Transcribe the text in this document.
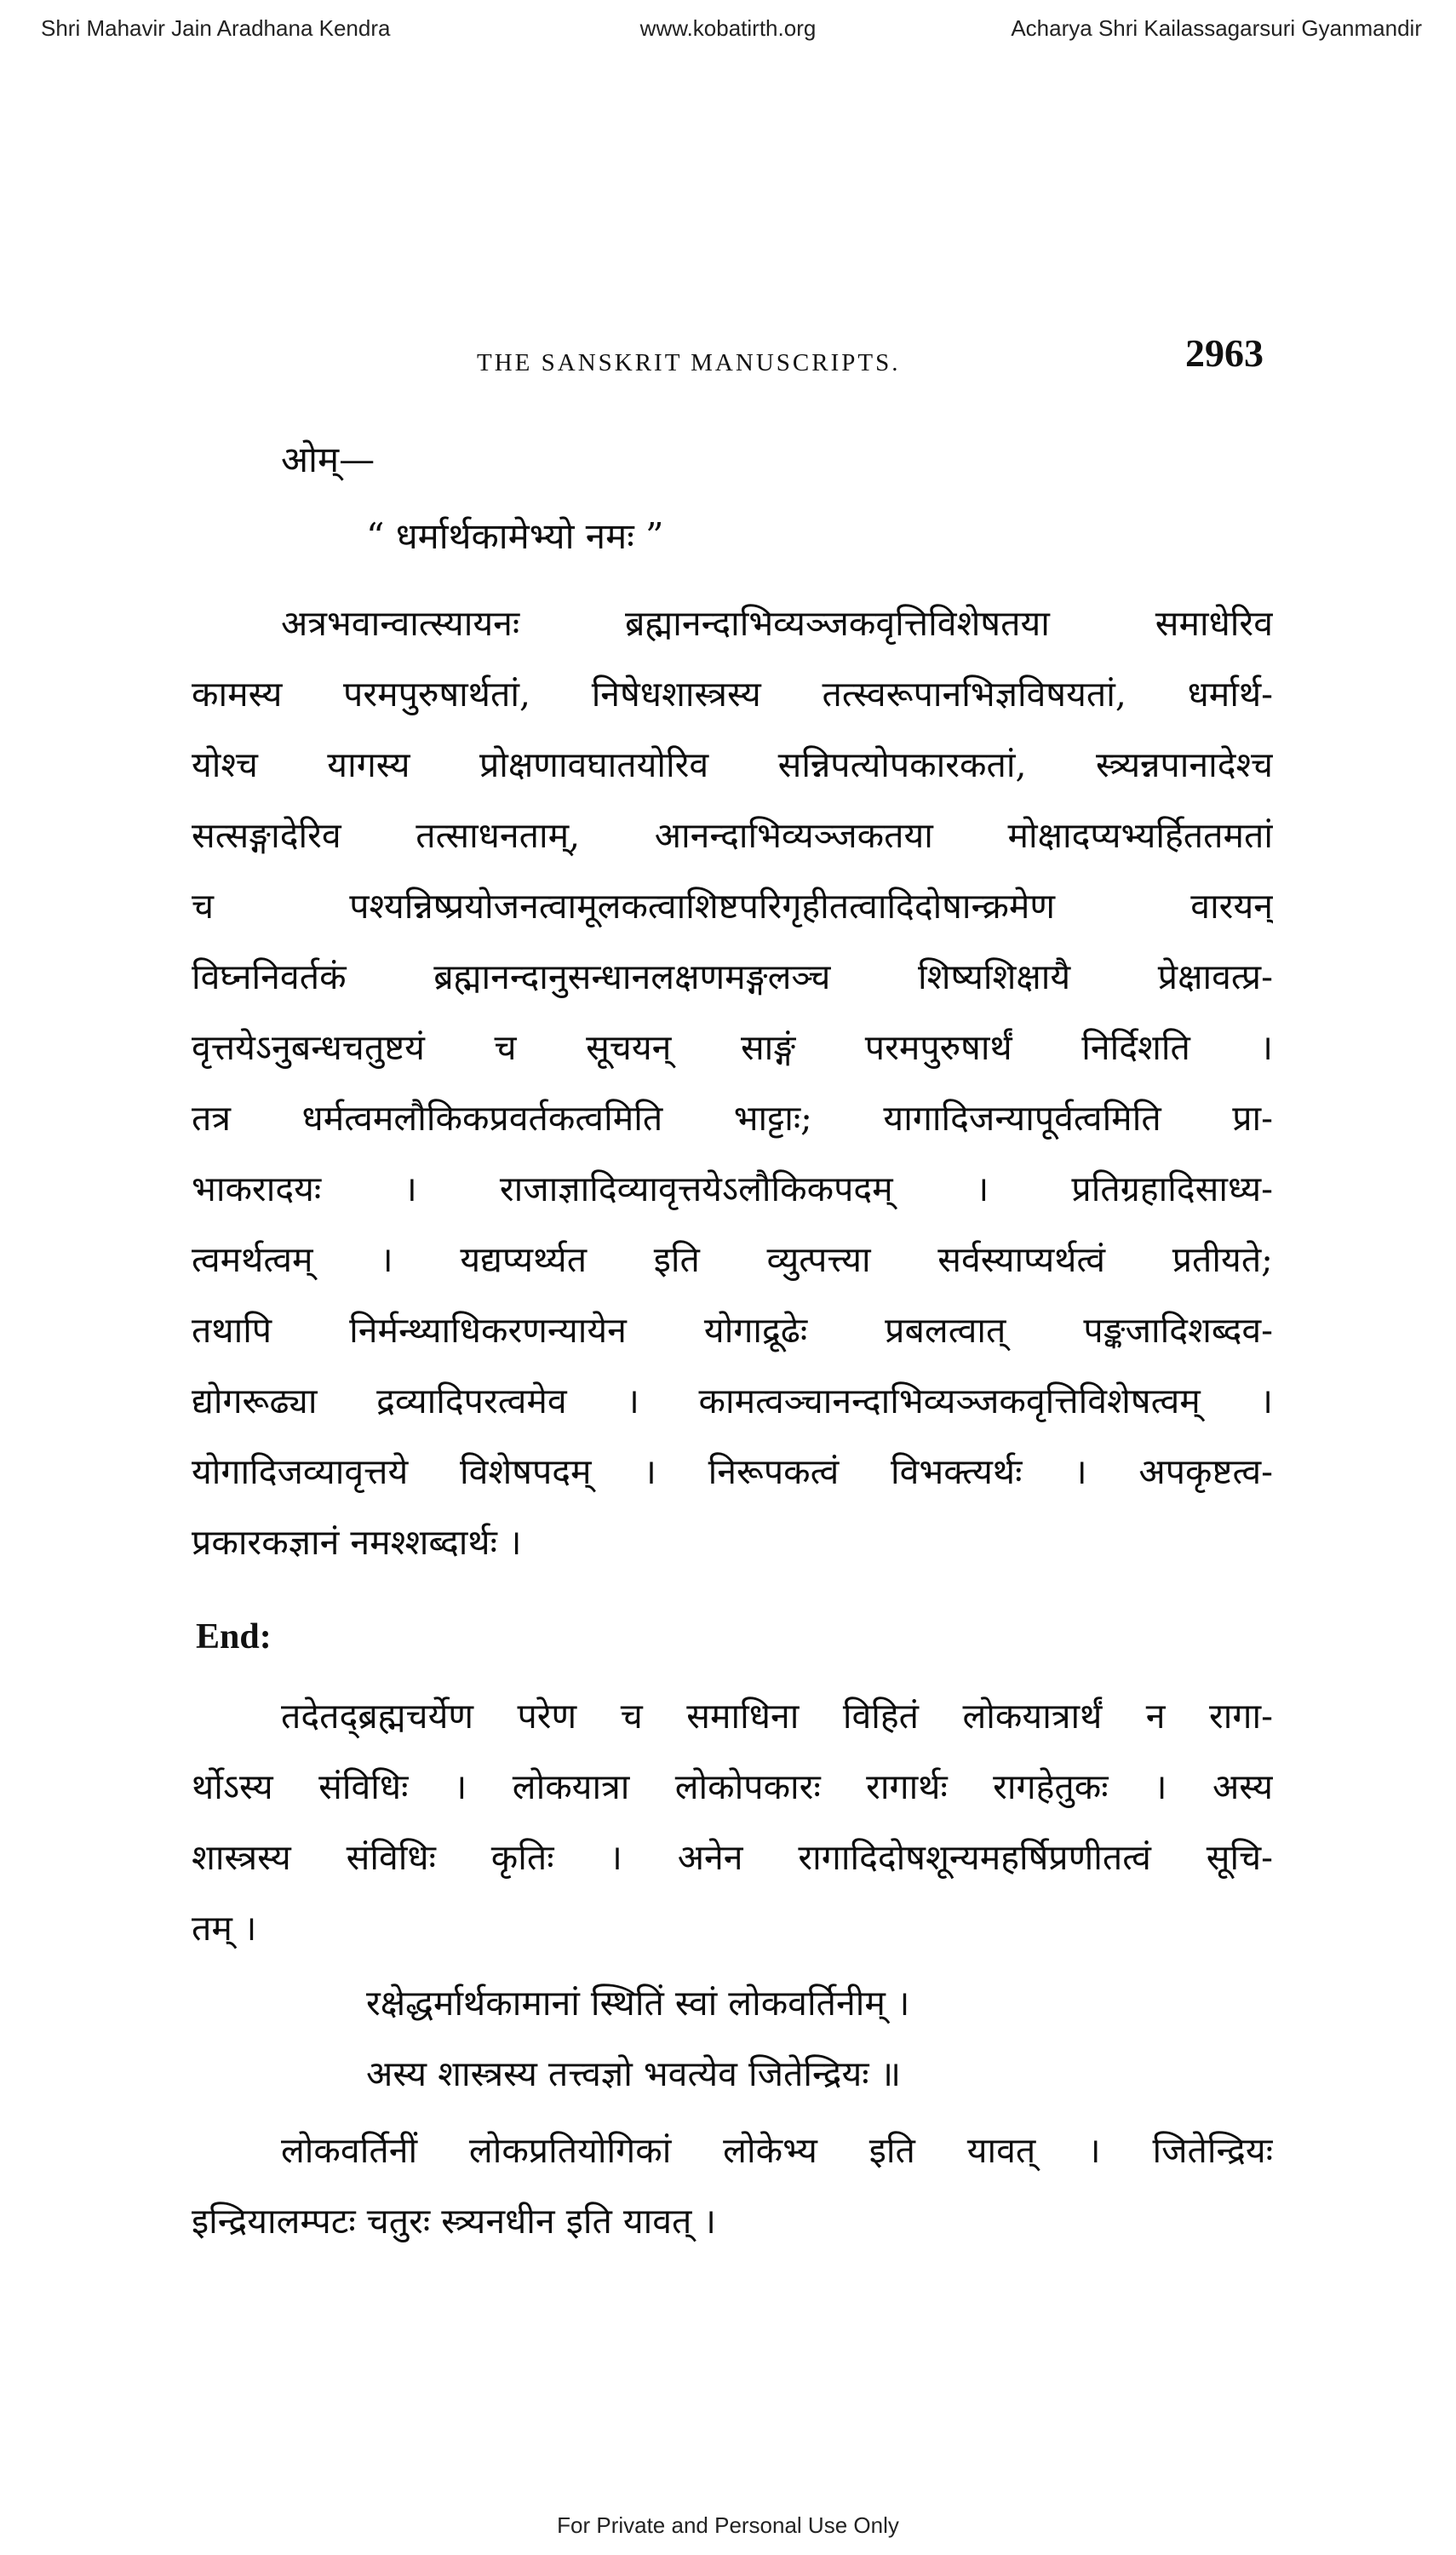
Shri Mahavir Jain Aradhana Kendra	www.kobatirth.org	Acharya Shri Kailassagarsuri Gyanmandir
THE SANSKRIT MANUSCRIPTS.	2963
ओम्—
“ धर्मार्थकामेभ्यो नमः ”
अत्रभवान्वात्स्यायनः ब्रह्मानन्दाभिव्यञ्जकवृत्तिविशेषतया समाधेरिव
कामस्य परमपुरुषार्थतां, निषेधशास्त्रस्य तत्स्वरूपानभिज्ञविषयतां, धर्मार्थ-
योश्च यागस्य प्रोक्षणावघातयोरिव सन्निपत्योपकारकतां, स्त्र्यन्नपानादेश्च
सत्सङ्गादेरिव तत्साधनताम्, आनन्दाभिव्यञ्जकतया मोक्षादप्यभ्यर्हिततमतां
च पश्यन्निष्प्रयोजनत्वामूलकत्वाशिष्टपरिगृहीतत्वादिदोषान्क्रमेण वारयन्
विघ्ननिवर्तकं ब्रह्मानन्दानुसन्धानलक्षणमङ्गलञ्च शिष्यशिक्षायै प्रेक्षावत्प्र-
वृत्तयेऽनुबन्धचतुष्टयं च सूचयन् साङ्गं परमपुरुषार्थं निर्दिशति ।
तत्र धर्मत्वमलौकिकप्रवर्तकत्वमिति भाट्टाः; यागादिजन्यापूर्वत्वमिति प्रा-
भाकरादयः । राजाज्ञादिव्यावृत्तयेऽलौकिकपदम् । प्रतिग्रहादिसाध्य-
त्वमर्थत्वम् । यद्यप्यर्थ्यत इति व्युत्पत्त्या सर्वस्याप्यर्थत्वं प्रतीयते;
तथापि निर्मन्थ्याधिकरणन्यायेन योगाद्रूढेः प्रबलत्वात् पङ्कजादिशब्दव-
द्योगरूढ्या द्रव्यादिपरत्वमेव । कामत्वञ्चानन्दाभिव्यञ्जकवृत्तिविशेषत्वम् ।
योगादिजव्यावृत्तये विशेषपदम् । निरूपकत्वं विभक्त्यर्थः । अपकृष्टत्व-
प्रकारकज्ञानं नमश्शब्दार्थः ।
End:
तदेतद्ब्रह्मचर्येण परेण च समाधिना विहितं लोकयात्रार्थं न रागा-
र्थोऽस्य संविधिः । लोकयात्रा लोकोपकारः रागार्थः रागहेतुकः । अस्य
शास्त्रस्य संविधिः कृतिः । अनेन रागादिदोषशून्यमहर्षिप्रणीतत्वं सूचि-
तम् ।
रक्षेद्धर्मार्थकामानां स्थितिं स्वां लोकवर्तिनीम् ।
अस्य शास्त्रस्य तत्त्वज्ञो भवत्येव जितेन्द्रियः ॥
लोकवर्तिनीं लोकप्रतियोगिकां लोकेभ्य इति यावत् । जितेन्द्रियः
इन्द्रियालम्पटः चतुरः स्त्र्यनधीन इति यावत् ।
For Private and Personal Use Only
